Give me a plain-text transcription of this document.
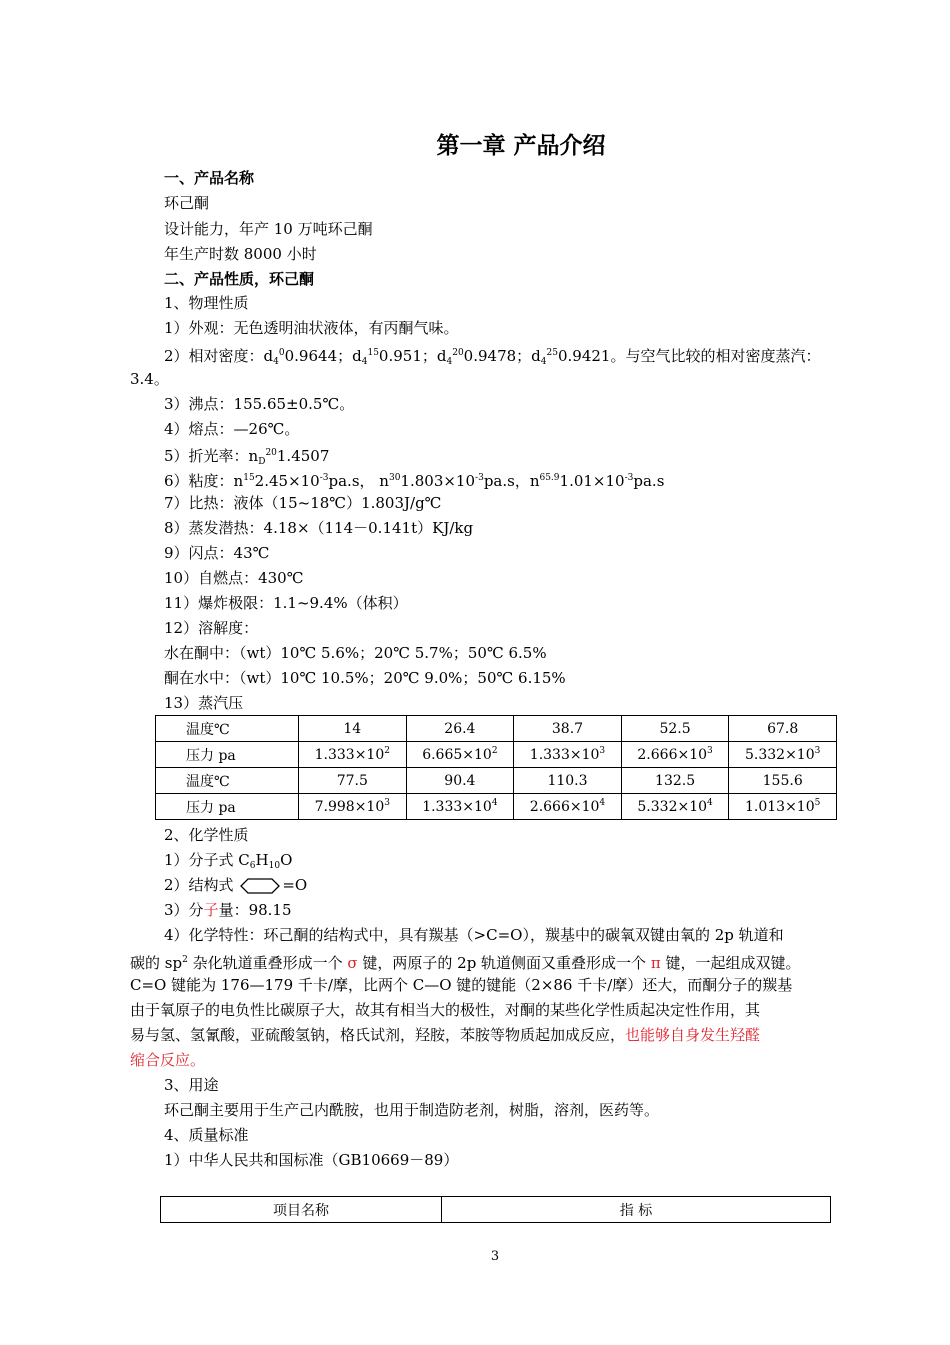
第一章 产品介绍
一、产品名称
环己酮
设计能力，年产 10 万吨环己酮
年生产时数 8000 小时
二、产品性质，环己酮
1、物理性质
1）外观：无色透明油状液体，有丙酮气味。
2）相对密度：$d_4^00.9644$；$d_4^{15}0.951$；$d_4^{20}0.9478$；$d_4^{25}0.9421$。与空气比较的相对密度蒸汽：
3.4。
3）沸点：155.65±0.5℃。
4）熔点：—26℃。
5）折光率：$n_D^{20}1.4507$
6）粘度：$n^{15}2.45\times 10^{-3}pa.s$， $n^{30}1.803\times 10^{-3}pa.s$，$n^{65.9}1.01\times 10^{-3}pa.s$
7）比热：液体（15~18℃）1.803J/g℃
8）蒸发潜热：4.18×（114－0.141t）KJ/kg
9）闪点：43℃
10）自燃点：430℃
11）爆炸极限：1.1~9.4%（体积）
12）溶解度：
水在酮中：（wt）10℃ 5.6%；20℃ 5.7%；50℃ 6.5%
酮在水中：（wt）10℃ 10.5%；20℃ 9.0%；50℃ 6.15%
13）蒸汽压
温度℃	14	26.4	38.7	52.5	67.8
压力 pa	$1.333\times 10^2$	$6.665\times 10^2$	$1.333\times 10^3$	$2.666\times 10^3$	$5.332\times 10^3$
温度℃	77.5	90.4	110.3	132.5	155.6
压力 pa	$7.998\times 10^3$	$1.333\times 10^4$	$2.666\times 10^4$	$5.332\times 10^4$	$1.013\times 10^5$
2、化学性质
1）分子式 $C_6H_{10}O$
2）结构式	=O
3）分子量：98.15
4）化学特性：环己酮的结构式中，具有羰基（>C=O），羰基中的碳氧双键由氧的 2p 轨道和
碳的 $sp^2$ 杂化轨道重叠形成一个 σ 键，两原子的 2p 轨道侧面又重叠形成一个 π 键，一起组成双键。
C=O 键能为 176—179 千卡/摩，比两个 C—O 键的键能（2×86 千卡/摩）还大，而酮分子的羰基
由于氧原子的电负性比碳原子大，故其有相当大的极性，对酮的某些化学性质起决定性作用，其
易与氢、氢氰酸，亚硫酸氢钠，格氏试剂，羟胺，苯胺等物质起加成反应，也能够自身发生羟醛
缩合反应。
3、用途
环己酮主要用于生产己内酰胺，也用于制造防老剂，树脂，溶剂，医药等。
4、质量标准
1）中华人民共和国标准（GB10669－89）
项目名称	指 标
3
